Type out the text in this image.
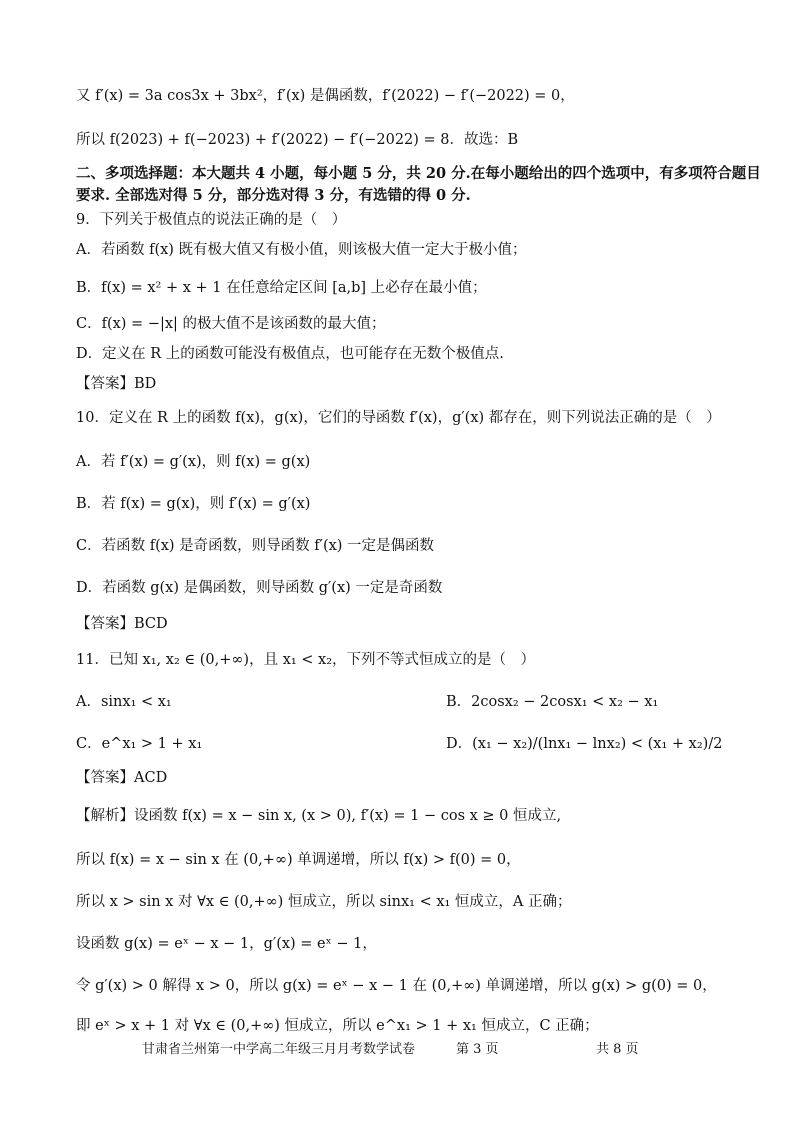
又 f′(x) = 3a cos3x + 3bx²，f′(x) 是偶函数，f′(2022) − f′(−2022) = 0，
所以 f(2023) + f(−2023) + f′(2022) − f′(−2022) = 8．故选：B
二、多项选择题：本大题共 4 小题，每小题 5 分，共 20 分.在每小题给出的四个选项中，有多项符合题目
要求. 全部选对得 5 分，部分选对得 3 分，有选错的得 0 分.
9．下列关于极值点的说法正确的是（　）
A．若函数 f(x) 既有极大值又有极小值，则该极大值一定大于极小值；
B．f(x) = x² + x + 1 在任意给定区间 [a,b] 上必存在最小值；
C．f(x) = −|x| 的极大值不是该函数的最大值；
D．定义在 R 上的函数可能没有极值点，也可能存在无数个极值点.
【答案】BD
10．定义在 R 上的函数 f(x)，g(x)，它们的导函数 f′(x)，g′(x) 都存在，则下列说法正确的是（　）
A．若 f′(x) = g′(x)，则 f(x) = g(x)
B．若 f(x) = g(x)，则 f′(x) = g′(x)
C．若函数 f(x) 是奇函数，则导函数 f′(x) 一定是偶函数
D．若函数 g(x) 是偶函数，则导函数 g′(x) 一定是奇函数
【答案】BCD
11．已知 x₁, x₂ ∈ (0,+∞)，且 x₁ < x₂，下列不等式恒成立的是（　）
A．sinx₁ < x₁	B．2cosx₂ − 2cosx₁ < x₂ − x₁
C．e^x₁ > 1 + x₁	D．(x₁ − x₂)/(lnx₁ − lnx₂) < (x₁ + x₂)/2
【答案】ACD
【解析】设函数 f(x) = x − sin x, (x > 0), f′(x) = 1 − cos x ≥ 0 恒成立,
所以 f(x) = x − sin x 在 (0,+∞) 单调递增，所以 f(x) > f(0) = 0，
所以 x > sin x 对 ∀x ∈ (0,+∞) 恒成立，所以 sinx₁ < x₁ 恒成立，A 正确；
设函数 g(x) = eˣ − x − 1，g′(x) = eˣ − 1，
令 g′(x) > 0 解得 x > 0，所以 g(x) = eˣ − x − 1 在 (0,+∞) 单调递增，所以 g(x) > g(0) = 0，
即 eˣ > x + 1 对 ∀x ∈ (0,+∞) 恒成立，所以 e^x₁ > 1 + x₁ 恒成立，C 正确；
甘肃省兰州第一中学高二年级三月月考数学试卷	第 3 页	共 8 页
